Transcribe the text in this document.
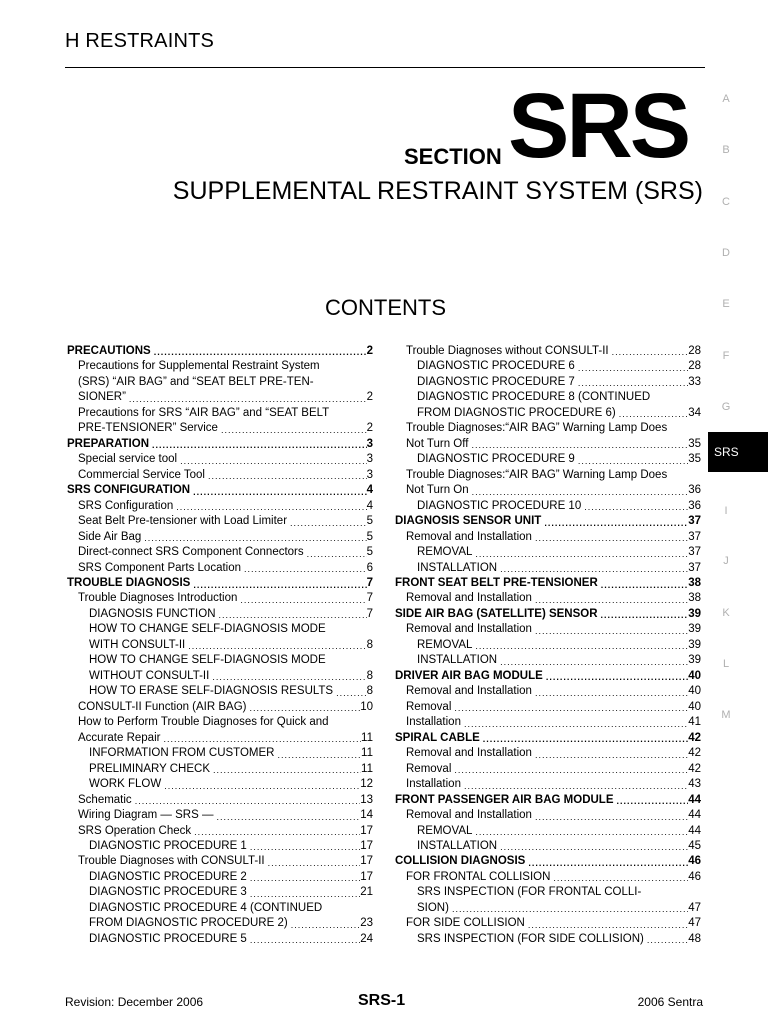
H RESTRAINTS
SECTION SRS
SUPPLEMENTAL RESTRAINT SYSTEM (SRS)
CONTENTS
A
B
C
D
E
F
G
SRS
I
J
K
L
M
PRECAUTIONS .....	2
Precautions for Supplemental Restraint System
(SRS) “AIR BAG” and “SEAT BELT PRE-TEN-
SIONER” .....	2
Precautions for SRS “AIR BAG” and “SEAT BELT
PRE-TENSIONER” Service .....	2
PREPARATION .....	3
Special service tool .....	3
Commercial Service Tool .....	3
SRS CONFIGURATION .....	4
SRS Configuration .....	4
Seat Belt Pre-tensioner with Load Limiter .....	5
Side Air Bag .....	5
Direct-connect SRS Component Connectors .....	5
SRS Component Parts Location .....	6
TROUBLE DIAGNOSIS .....	7
Trouble Diagnoses Introduction .....	7
DIAGNOSIS FUNCTION .....	7
HOW TO CHANGE SELF-DIAGNOSIS MODE
WITH CONSULT-II .....	8
HOW TO CHANGE SELF-DIAGNOSIS MODE
WITHOUT CONSULT-II .....	8
HOW TO ERASE SELF-DIAGNOSIS RESULTS .....	8
CONSULT-II Function (AIR BAG) .....	10
How to Perform Trouble Diagnoses for Quick and
Accurate Repair .....	11
INFORMATION FROM CUSTOMER .....	11
PRELIMINARY CHECK .....	11
WORK FLOW .....	12
Schematic .....	13
Wiring Diagram — SRS — .....	14
SRS Operation Check .....	17
DIAGNOSTIC PROCEDURE 1 .....	17
Trouble Diagnoses with CONSULT-II .....	17
DIAGNOSTIC PROCEDURE 2 .....	17
DIAGNOSTIC PROCEDURE 3 .....	21
DIAGNOSTIC PROCEDURE 4 (CONTINUED
FROM DIAGNOSTIC PROCEDURE 2) .....	23
DIAGNOSTIC PROCEDURE 5 .....	24
Trouble Diagnoses without CONSULT-II .....	28
DIAGNOSTIC PROCEDURE 6 .....	28
DIAGNOSTIC PROCEDURE 7 .....	33
DIAGNOSTIC PROCEDURE 8 (CONTINUED
FROM DIAGNOSTIC PROCEDURE 6) .....	34
Trouble Diagnoses:“AIR BAG” Warning Lamp Does
Not Turn Off .....	35
DIAGNOSTIC PROCEDURE 9 .....	35
Trouble Diagnoses:“AIR BAG” Warning Lamp Does
Not Turn On .....	36
DIAGNOSTIC PROCEDURE 10 .....	36
DIAGNOSIS SENSOR UNIT .....	37
Removal and Installation .....	37
REMOVAL .....	37
INSTALLATION .....	37
FRONT SEAT BELT PRE-TENSIONER .....	38
Removal and Installation .....	38
SIDE AIR BAG (SATELLITE) SENSOR .....	39
Removal and Installation .....	39
REMOVAL .....	39
INSTALLATION .....	39
DRIVER AIR BAG MODULE .....	40
Removal and Installation .....	40
Removal .....	40
Installation .....	41
SPIRAL CABLE .....	42
Removal and Installation .....	42
Removal .....	42
Installation .....	43
FRONT PASSENGER AIR BAG MODULE .....	44
Removal and Installation .....	44
REMOVAL .....	44
INSTALLATION .....	45
COLLISION DIAGNOSIS .....	46
FOR FRONTAL COLLISION .....	46
SRS INSPECTION (FOR FRONTAL COLLI-
SION) .....	47
FOR SIDE COLLISION .....	47
SRS INSPECTION (FOR SIDE COLLISION) .....	48
Revision: December 2006	SRS-1	2006 Sentra
